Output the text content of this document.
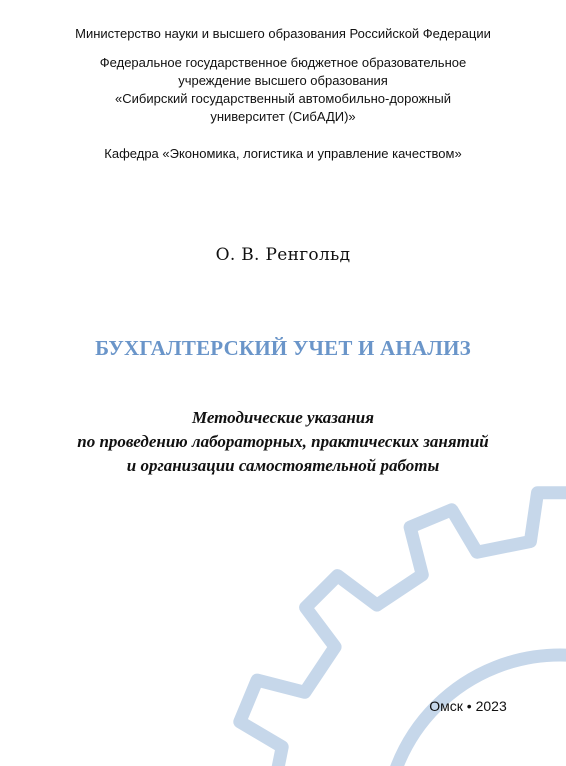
Министерство науки и высшего образования Российской Федерации
Федеральное государственное бюджетное образовательное
учреждение высшего образования
«Сибирский государственный автомобильно-дорожный
университет (СибАДИ)»
Кафедра «Экономика, логистика и управление качеством»
О. В. Ренгольд
БУХГАЛТЕРСКИЙ УЧЕТ И АНАЛИЗ
Методические указания
по проведению лабораторных, практических занятий
и организации самостоятельной работы
Омск • 2023
